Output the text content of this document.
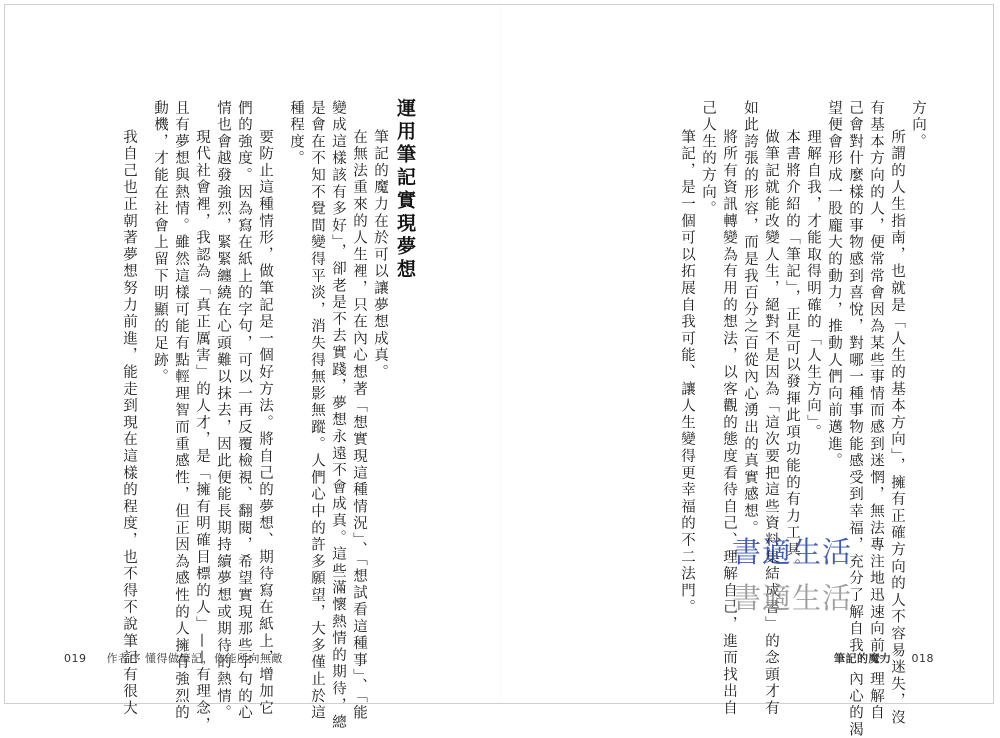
運用筆記實現夢想

筆記的魔力在於可以讓夢想成真。

在無法重來的人生裡，只在內心想著「想實現這種情況」、「想試看這種事」、「能

變成這樣該有多好」，卻老是不去實踐，夢想永遠不會成真。這些滿懷熱情的期待，總

是會在不知不覺間變得平淡，消失得無影無蹤。人們心中的許多願望，大多僅止於這

種程度。

要防止這種情形，做筆記是一個好方法。將自己的夢想、期待寫在紙上，增加它

們的強度。因為寫在紙上的字句，可以一再反覆檢視、翻閱，希望實現那些字句的心

情也會越發強烈，緊緊纏繞在心頭難以抹去，因此便能長期持續夢想或期待的熱情。

現代社會裡，我認為「真正厲害」的人才，是「擁有明確目標的人」——有理念，

且有夢想與熱情。雖然這樣可能有點輕理智而重感性，但正因為感性的人擁有強烈的

動機，才能在社會上留下明顯的足跡。

我自己也正朝著夢想努力前進，能走到現在這樣的程度，也不得不說筆記有很大

方向。

所謂的人生指南，也就是「人生的基本方向」，擁有正確方向的人不容易迷失，沒

有基本方向的人，便常常會因為某些事情而感到迷惘，無法專注地迅速向前。理解自

己會對什麼樣的事物感到喜悅，對哪一種事物能感受到幸福，充分了解自我，內心的渴

望便會形成一股龐大的動力，推動人們向前邁進。

理解自我，才能取得明確的「人生方向」。

本書將介紹的「筆記」，正是可以發揮此項功能的有力工具。

做筆記就能改變人生，絕對不是因為「這次要把這些資料集結成書」的念頭才有

如此誇張的形容，而是我百分之百從內心湧出的真實感想。

將所有資訊轉變為有用的想法，以客觀的態度看待自己、理解自己，進而找出自

己人生的方向。

筆記，是一個可以拓展自我可能、讓人生變得更幸福的不二法門。

019 作者序 懂得做筆記，你能所向無敵	筆記的魔力 018
書適生活
書適生活
